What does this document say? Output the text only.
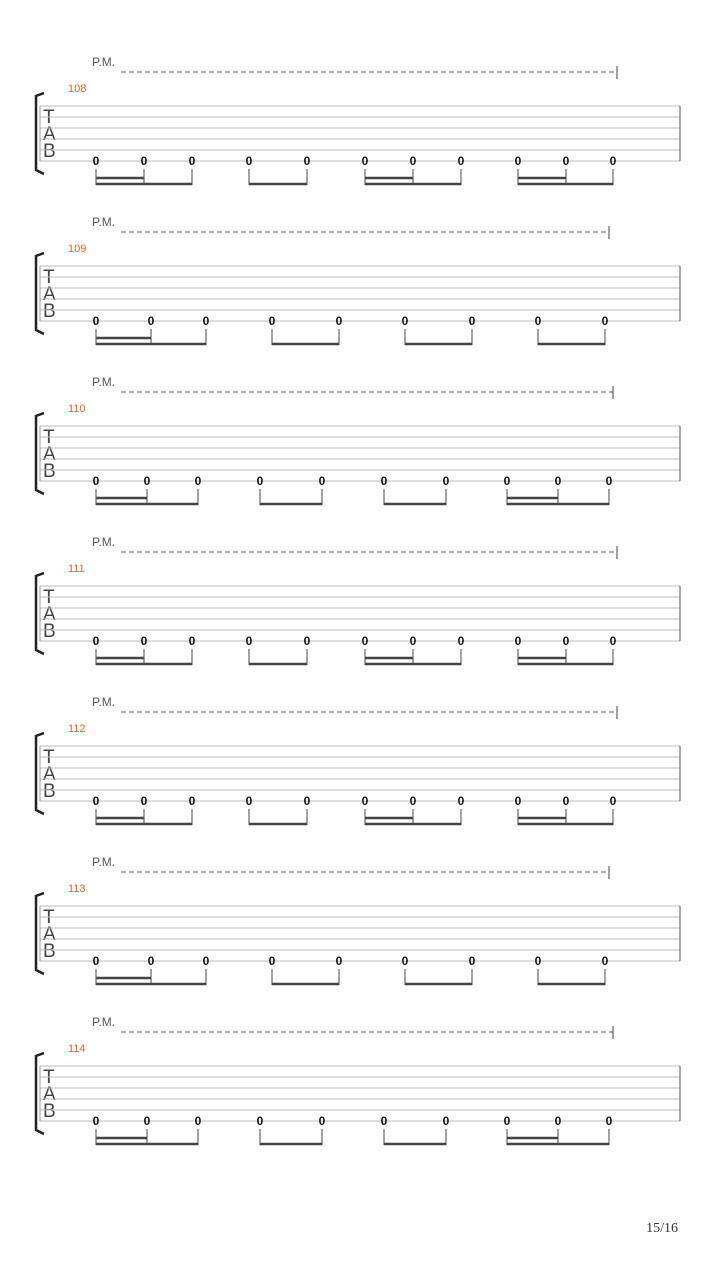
P.M.
108
T
A
B	0	0	0	0	0	0	0	0	0	0	0
P.M.
109
T
A
B	0	0	0	0	0	0	0	0	0
P.M.
110
T
A
B	0	0	0	0	0	0	0	0	0	0
P.M.
111
T
A
B	0	0	0	0	0	0	0	0	0	0	0
P.M.
112
T
A
B	0	0	0	0	0	0	0	0	0	0	0
P.M.
113
T
A
B	0	0	0	0	0	0	0	0	0
P.M.
114
T
A
B	0	0	0	0	0	0	0	0	0	0
15/16
